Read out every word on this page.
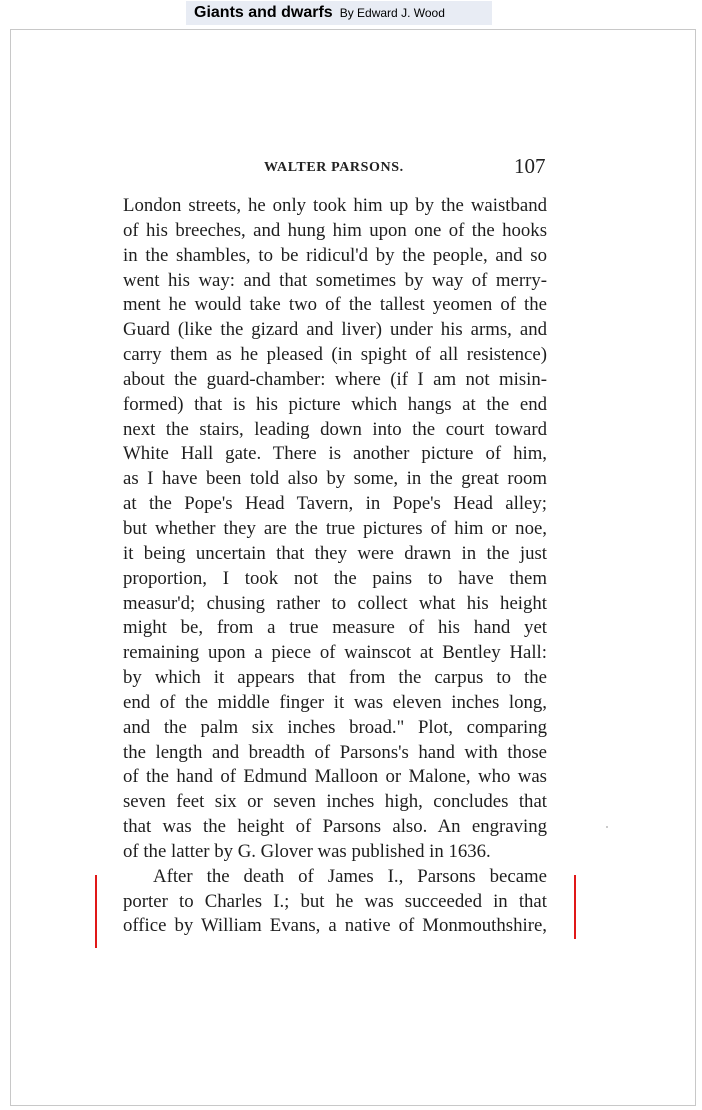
Giants and dwarfs By Edward J. Wood
WALTER PARSONS.	107
London streets, he only took him up by the waistband
of his breeches, and hung him upon one of the hooks
in the shambles, to be ridicul'd by the people, and so
went his way: and that sometimes by way of merry-
ment he would take two of the tallest yeomen of the
Guard (like the gizard and liver) under his arms, and
carry them as he pleased (in spight of all resistence)
about the guard-chamber: where (if I am not misin-
formed) that is his picture which hangs at the end
next the stairs, leading down into the court toward
White Hall gate. There is another picture of him,
as I have been told also by some, in the great room
at the Pope's Head Tavern, in Pope's Head alley;
but whether they are the true pictures of him or noe,
it being uncertain that they were drawn in the just
proportion, I took not the pains to have them
measur'd; chusing rather to collect what his height
might be, from a true measure of his hand yet
remaining upon a piece of wainscot at Bentley Hall:
by which it appears that from the carpus to the
end of the middle finger it was eleven inches long,
and the palm six inches broad." Plot, comparing
the length and breadth of Parsons's hand with those
of the hand of Edmund Malloon or Malone, who was
seven feet six or seven inches high, concludes that
that was the height of Parsons also. An engraving
of the latter by G. Glover was published in 1636.
After the death of James I., Parsons became
porter to Charles I.; but he was succeeded in that
office by William Evans, a native of Monmouthshire,
